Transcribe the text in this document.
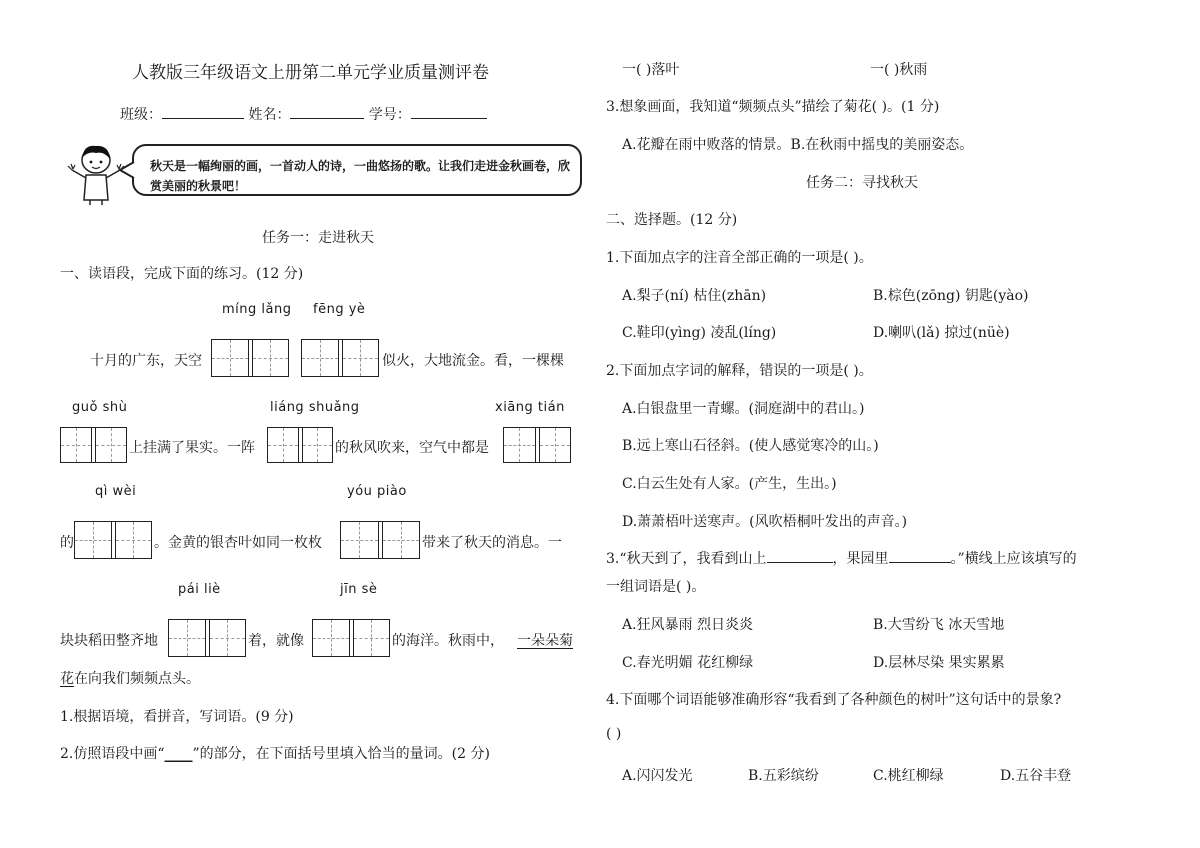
人教版三年级语文上册第二单元学业质量测评卷
班级：	姓名：	学号：
秋天是一幅绚丽的画，一首动人的诗，一曲悠扬的歌。让我们走进金秋画卷，欣赏美丽的秋景吧！
任务一：走进秋天
一、读语段，完成下面的练习。(12 分)
míng lǎng fēng yè
十月的广东，天空	似火，大地流金。看，一棵棵
guǒ shù	liáng shuǎng	xiāng tián
上挂满了果实。一阵	的秋风吹来，空气中都是
qì wèi	yóu piào
的	。金黄的银杏叶如同一枚枚	带来了秋天的消息。一
pái liè	jīn sè
块块稻田整齐地	着，就像	的海洋。秋雨中， 一朵朵菊
花 在向我们频频点头。
1.根据语境，看拼音，写词语。(9 分)
2.仿照语段中画“____”的部分，在下面括号里填入恰当的量词。(2 分)
一( )落叶	一( )秋雨
3.想象画面，我知道“频频点头”描绘了菊花( )。(1 分)
A.花瓣在雨中败落的情景。B.在秋雨中摇曳的美丽姿态。
任务二：寻找秋天
二、选择题。(12 分)
1.下面加点字的注音全部正确的一项是( )。
A.梨子(ní) 枯住(zhān)	B.棕色(zōng) 钥匙(yào)
C.鞋印(yìng) 凌乱(líng)	D.喇叭(lǎ) 掠过(nüè)
2.下面加点字词的解释，错误的一项是( )。
A.白银盘里一青螺。(洞庭湖中的君山。)
B.远上寒山石径斜。(使人感觉寒冷的山。)
C.白云生处有人家。(产生，生出。)
D.萧萧梧叶送寒声。(风吹梧桐叶发出的声音。)
3.“秋天到了，我看到山上	，果园里	。”横线上应该填写的
一组词语是( )。
A.狂风暴雨 烈日炎炎	B.大雪纷飞 冰天雪地
C.春光明媚 花红柳绿	D.层林尽染 果实累累
4.下面哪个词语能够准确形容“我看到了各种颜色的树叶”这句话中的景象?
( )
A.闪闪发光	B.五彩缤纷	C.桃红柳绿	D.五谷丰登
